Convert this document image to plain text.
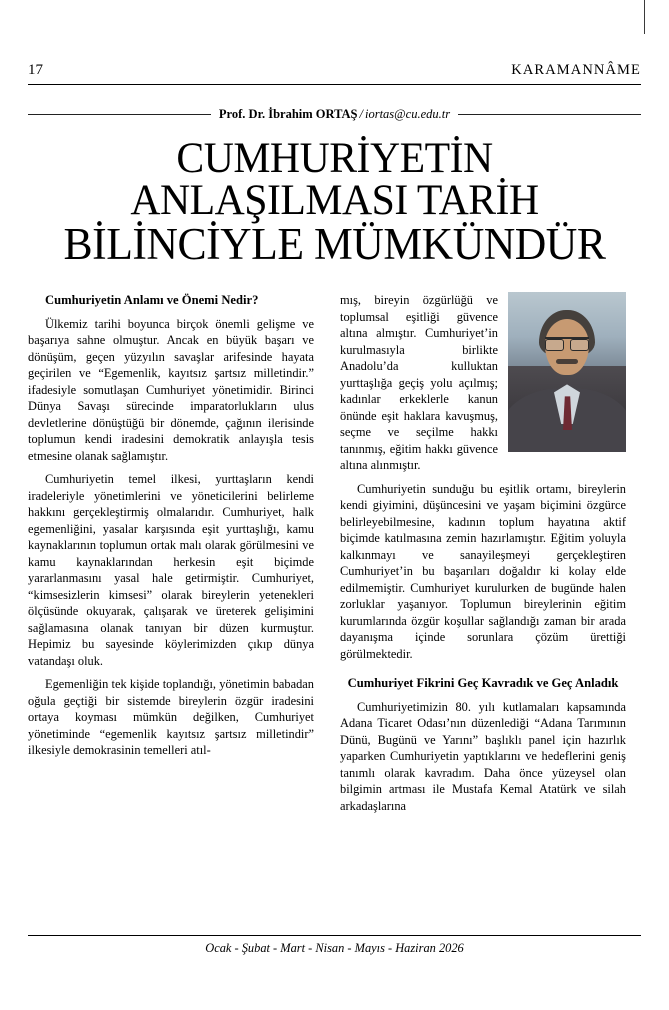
17	KARAMANNÂME
Prof. Dr. İbrahim ORTAŞ / iortas@cu.edu.tr
CUMHURİYETİN
ANLAŞILMASI TARİH
BİLİNCİYLE MÜMKÜNDÜR
Cumhuriyetin Anlamı ve Önemi Nedir?

Ülkemiz tarihi boyunca birçok önemli gelişme ve başarıya sahne olmuştur. Ancak en büyük başarı ve dönüşüm, geçen yüzyılın savaşlar arifesinde hayata geçirilen ve “Egemenlik, kayıtsız şartsız milletindir.” ifadesiyle somutlaşan Cumhuriyet yönetimidir. Birinci Dünya Savaşı sürecinde imparatorlukların ulus devletlerine dönüştüğü bir dönemde, çağının ilerisinde toplumun kendi iradesini demokratik anlayışla tesis etmesine olanak sağlamıştır.

Cumhuriyetin temel ilkesi, yurttaşların kendi iradeleriyle yönetimlerini ve yöneticilerini belirleme hakkını gerçekleştirmiş olmalarıdır. Cumhuriyet, halk egemenliğini, yasalar karşısında eşit yurttaşlığı, kamu kaynaklarının toplumun ortak malı olarak görülmesini ve kamu kaynaklarından herkesin eşit biçimde yararlanmasını yasal hale getirmiştir. Cumhuriyet, “kimsesizlerin kimsesi” olarak bireylerin yetenekleri ölçüsünde okuyarak, çalışarak ve üreterek gelişimini sağlamasına olanak tanıyan bir düzen kurmuştur. Hepimiz bu sayesinde köylerimizden çıkıp dünya vatandaşı oluk.

Egemenliğin tek kişide toplandığı, yönetimin babadan oğula geçtiği bir sistemde bireylerin özgür iradesini ortaya koyması mümkün değilken, Cumhuriyet yönetiminde “egemenlik kayıtsız şartsız milletindir” ilkesiyle demokrasinin temelleri atıl-

mış, bireyin özgürlüğü ve toplumsal eşitliği güvence altına almıştır. Cumhuriyet’in kurulmasıyla birlikte Anadolu’da kulluktan yurttaşlığa geçiş yolu açılmış; kadınlar erkeklerle kanun önünde eşit haklara kavuşmuş, seçme ve seçilme hakkı tanınmış, eğitim hakkı güvence altına alınmıştır.

Cumhuriyetin sunduğu bu eşitlik ortamı, bireylerin kendi giyimini, düşüncesini ve yaşam biçimini özgürce belirleyebilmesine, kadının toplum hayatına aktif biçimde katılmasına zemin hazırlamıştır. Eğitim yoluyla kalkınmayı ve sanayileşmeyi gerçekleştiren Cumhuriyet’in bu başarıları doğaldır ki kolay elde edilmemiştir. Cumhuriyet kurulurken de bugünde halen zorluklar yaşanıyor. Toplumun bireylerinin eğitim kurumlarında özgür koşullar sağlandığı zaman bir arada dayanışma içinde sorunlara çözüm ürettiği görülmektedir.

Cumhuriyet Fikrini Geç Kavradık ve Geç Anladık

Cumhuriyetimizin 80. yılı kutlamaları kapsamında Adana Ticaret Odası’nın düzenlediği “Adana Tarımının Dünü, Bugünü ve Yarını” başlıklı panel için hazırlık yaparken Cumhuriyetin yaptıklarını ve hedeflerini geniş tanımlı olarak kavradım. Daha önce yüzeysel olan bilgimin artması ile Mustafa Kemal Atatürk ve silah arkadaşlarına

Ocak - Şubat - Mart - Nisan - Mayıs - Haziran 2026
